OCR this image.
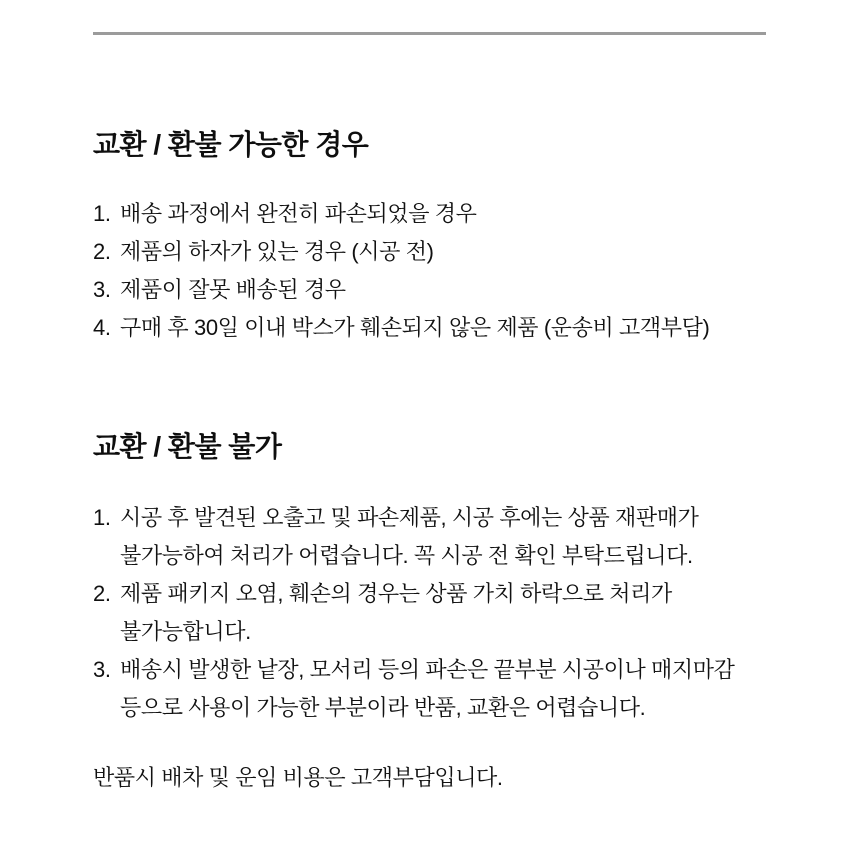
교환 / 환불 가능한 경우
1. 배송 과정에서 완전히 파손되었을 경우
2. 제품의 하자가 있는 경우 (시공 전)
3. 제품이 잘못 배송된 경우
4. 구매 후 30일 이내 박스가 훼손되지 않은 제품 (운송비 고객부담)
교환 / 환불 불가
1. 시공 후 발견된 오출고 및 파손제품, 시공 후에는 상품 재판매가
불가능하여 처리가 어렵습니다. 꼭 시공 전 확인 부탁드립니다.
2. 제품 패키지 오염, 훼손의 경우는 상품 가치 하락으로 처리가
불가능합니다.
3. 배송시 발생한 낱장, 모서리 등의 파손은 끝부분 시공이나 매지마감
등으로 사용이 가능한 부분이라 반품, 교환은 어렵습니다.

반품시 배차 및 운임 비용은 고객부담입니다.
